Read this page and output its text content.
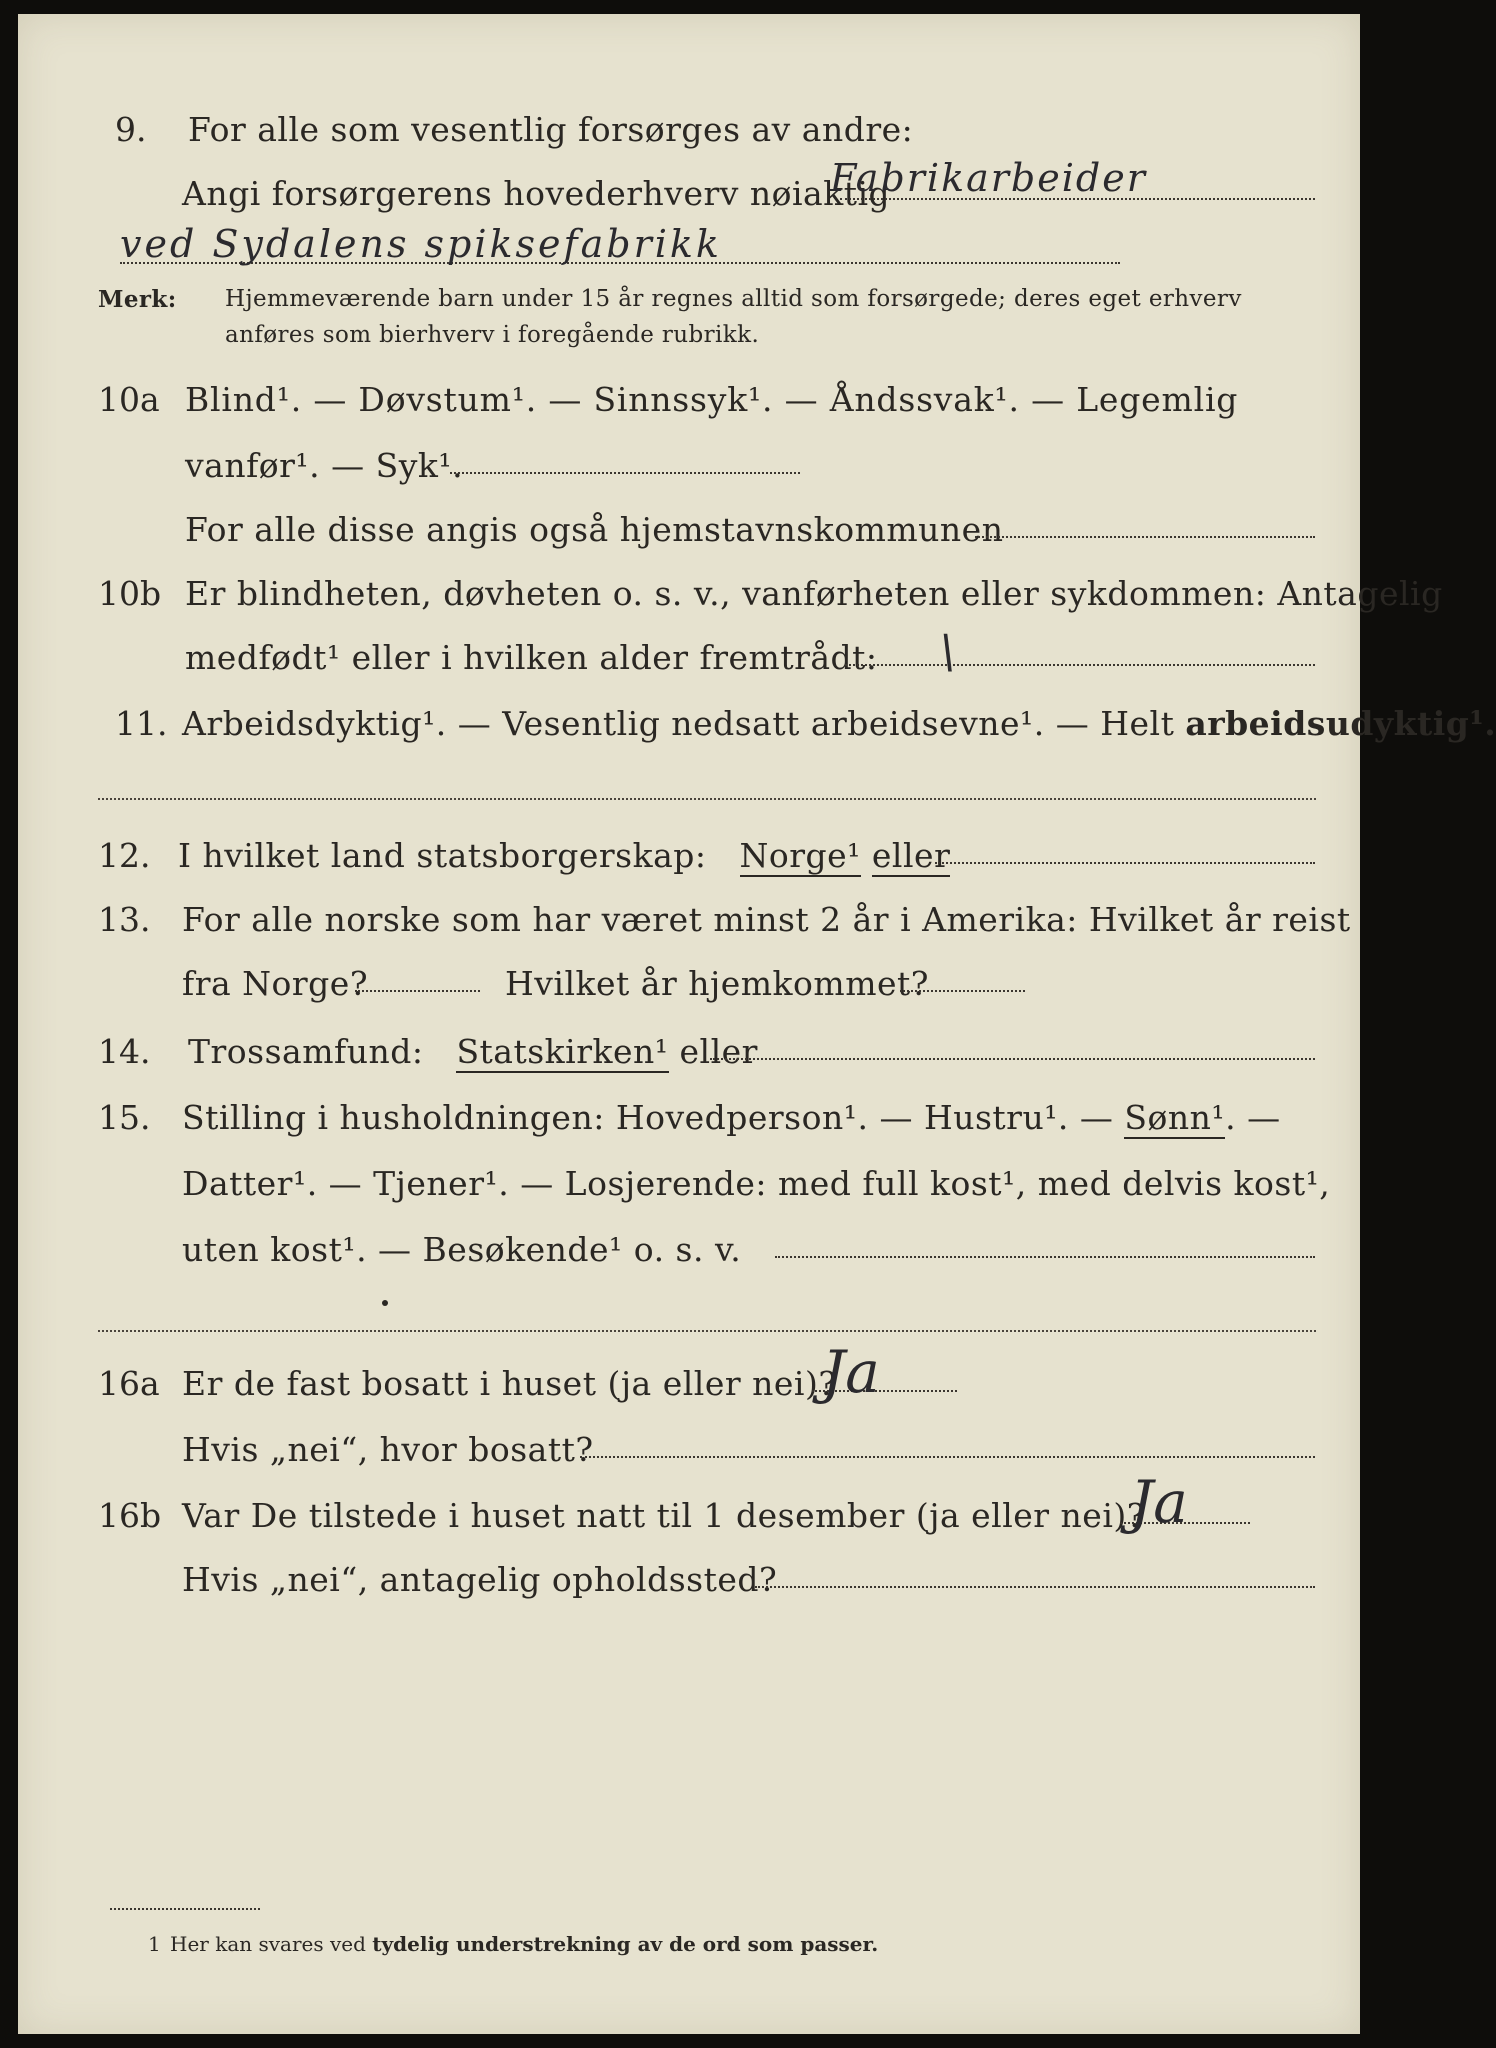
9. For alle som vesentlig forsørges av andre:
Angi forsørgerens hovederhverv nøiaktig
Fabrikarbeider
ved Sydalens spiksefabrikk
Merk: Hjemmeværende barn under 15 år regnes alltid som forsørgede; deres eget erhverv
anføres som bierhverv i foregående rubrikk.
10a Blind¹. — Døvstum¹. — Sinnssyk¹. — Åndssvak¹. — Legemlig
vanfør¹. — Syk¹.
For alle disse angis også hjemstavnskommunen
10b Er blindheten, døvheten o. s. v., vanførheten eller sykdommen: Antagelig
medfødt¹ eller i hvilken alder fremtrådt: \
11. Arbeidsdyktig¹. — Vesentlig nedsatt arbeidsevne¹. — Helt arbeidsudyktig¹.
12. I hvilket land statsborgerskap: Norge¹ eller
13. For alle norske som har været minst 2 år i Amerika: Hvilket år reist
fra Norge?	Hvilket år hjemkommet?
14. Trossamfund: Statskirken¹ eller
15. Stilling i husholdningen: Hovedperson¹. — Hustru¹. — Sønn¹. —
Datter¹. — Tjener¹. — Losjerende: med full kost¹, med delvis kost¹,
uten kost¹. — Besøkende¹ o. s. v.
16a Er de fast bosatt i huset (ja eller nei)?
Ja
Hvis „nei“, hvor bosatt?
16b Var De tilstede i huset natt til 1 desember (ja eller nei)?
Ja
Hvis „nei“, antagelig opholdssted?
1 Her kan svares ved tydelig understrekning av de ord som passer.
